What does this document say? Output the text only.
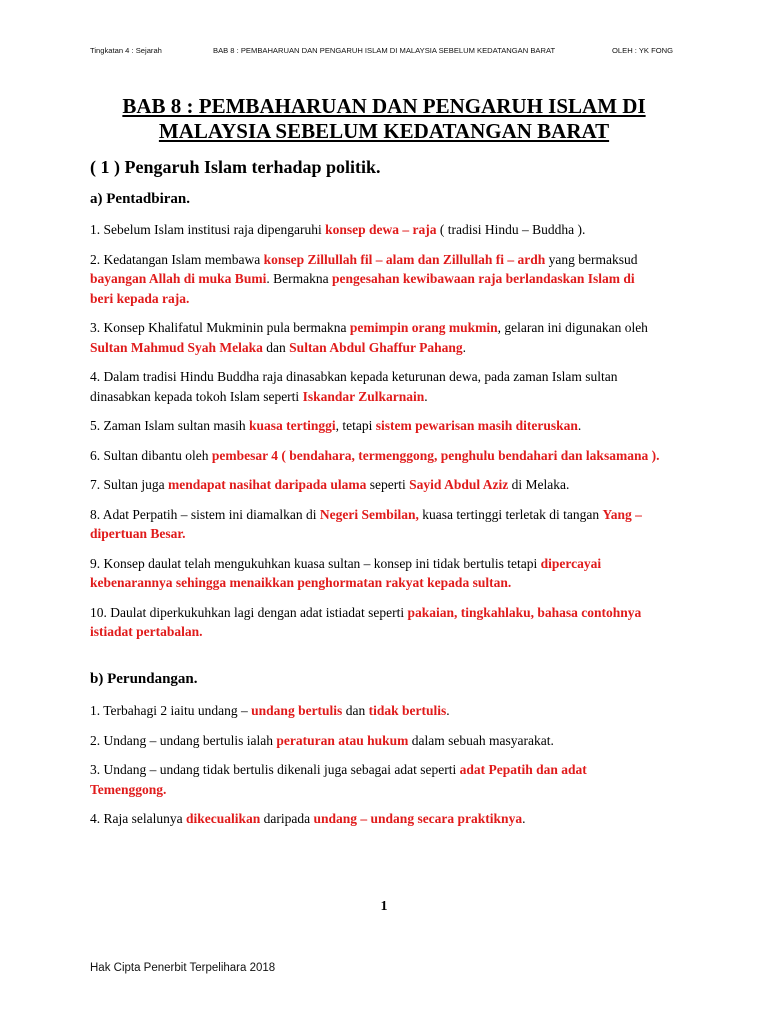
Tingkatan 4 : Sejarah	BAB 8 : PEMBAHARUAN DAN PENGARUH ISLAM DI MALAYSIA SEBELUM KEDATANGAN BARAT	OLEH : YK FONG
BAB 8 : PEMBAHARUAN DAN PENGARUH ISLAM DI
MALAYSIA SEBELUM KEDATANGAN BARAT
( 1 ) Pengaruh Islam terhadap politik.
a) Pentadbiran.
1. Sebelum Islam institusi raja dipengaruhi konsep dewa – raja ( tradisi Hindu – Buddha ).
2. Kedatangan Islam membawa konsep Zillullah fil – alam dan Zillullah fi – ardh yang bermaksud bayangan Allah di muka Bumi. Bermakna pengesahan kewibawaan raja berlandaskan Islam di beri kepada raja.
3. Konsep Khalifatul Mukminin pula bermakna pemimpin orang mukmin, gelaran ini digunakan oleh Sultan Mahmud Syah Melaka dan Sultan Abdul Ghaffur Pahang.
4. Dalam tradisi Hindu Buddha raja dinasabkan kepada keturunan dewa, pada zaman Islam sultan dinasabkan kepada tokoh Islam seperti Iskandar Zulkarnain.
5. Zaman Islam sultan masih kuasa tertinggi, tetapi sistem pewarisan masih diteruskan.
6. Sultan dibantu oleh pembesar 4 ( bendahara, termenggong, penghulu bendahari dan laksamana ).
7. Sultan juga mendapat nasihat daripada ulama seperti Sayid Abdul Aziz di Melaka.
8. Adat Perpatih – sistem ini diamalkan di Negeri Sembilan, kuasa tertinggi terletak di tangan Yang – dipertuan Besar.
9. Konsep daulat telah mengukuhkan kuasa sultan – konsep ini tidak bertulis tetapi dipercayai kebenarannya sehingga menaikkan penghormatan rakyat kepada sultan.
10. Daulat diperkukuhkan lagi dengan adat istiadat seperti pakaian, tingkahlaku, bahasa contohnya istiadat pertabalan.
b) Perundangan.
1. Terbahagi 2 iaitu undang – undang bertulis dan tidak bertulis.
2. Undang – undang bertulis ialah peraturan atau hukum dalam sebuah masyarakat.
3. Undang – undang tidak bertulis dikenali juga sebagai adat seperti adat Pepatih dan adat Temenggong.
4. Raja selalunya dikecualikan daripada undang – undang secara praktiknya.
1
Hak Cipta Penerbit Terpelihara 2018
